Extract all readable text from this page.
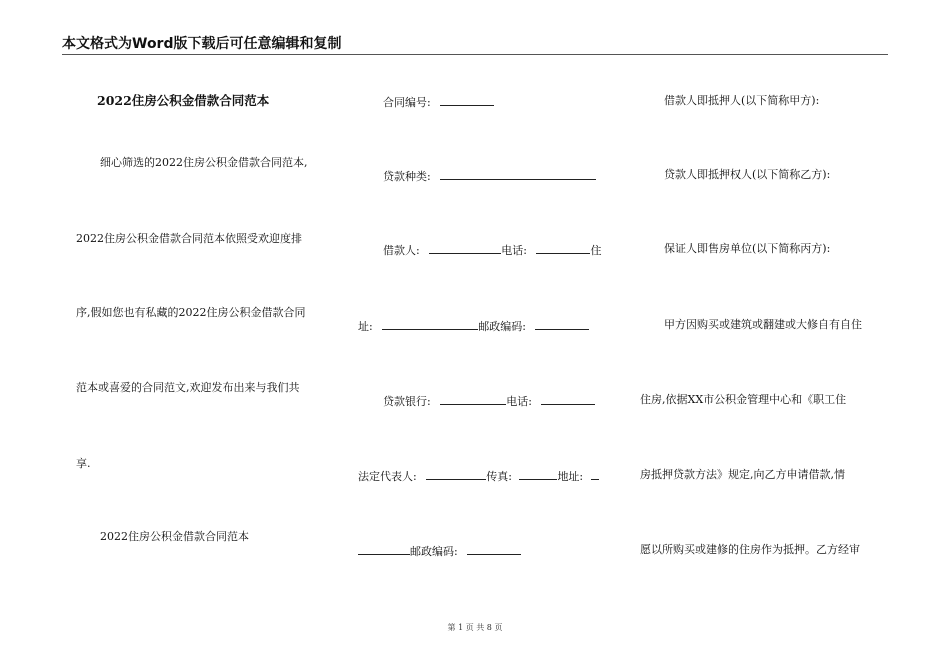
本文格式为Word版下载后可任意编辑和复制
2022住房公积金借款合同范本
细心筛选的2022住房公积金借款合同范本,
2022住房公积金借款合同范本依照受欢迎度排
序,假如您也有私藏的2022住房公积金借款合同
范本或喜爱的合同范文,欢迎发布出来与我们共
享.
2022住房公积金借款合同范本
合同编号:
贷款种类:
借款人:	电话:	住
址:	邮政编码:
贷款银行:	电话:
法定代表人:	传真:	地址:
邮政编码:
借款人即抵押人(以下简称甲方):
贷款人即抵押权人(以下简称乙方):
保证人即售房单位(以下简称丙方):
甲方因购买或建筑或翻建或大修自有自住
住房,依据XX市公积金管理中心和《职工住
房抵押贷款方法》规定,向乙方申请借款,情
愿以所购买或建修的住房作为抵押。乙方经审
第 1 页 共 8 页
